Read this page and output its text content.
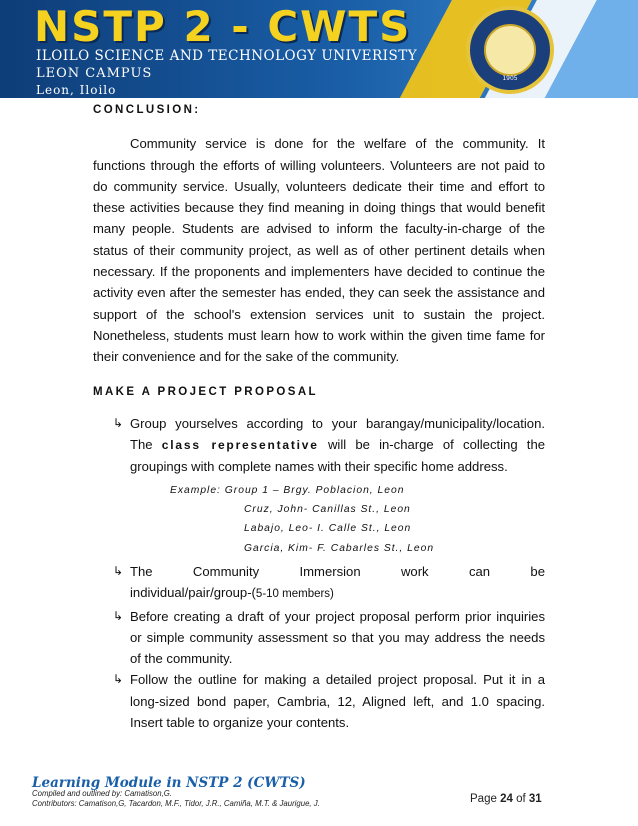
NSTP 2 - CWTS
ILOILO SCIENCE AND TECHNOLOGY UNIVERISTY
LEON CAMPUS
Leon, Iloilo
1905

CONCLUSION:

Community service is done for the welfare of the community. It functions through the efforts of willing volunteers. Volunteers are not paid to do community service. Usually, volunteers dedicate their time and effort to these activities because they find meaning in doing things that would benefit many people. Students are advised to inform the faculty-in-charge of the status of their community project, as well as of other pertinent details when necessary. If the proponents and implementers have decided to continue the activity even after the semester has ended, they can seek the assistance and support of the school's extension services unit to sustain the project. Nonetheless, students must learn how to work within the given time fame for their convenience and for the sake of the community.

MAKE A PROJECT PROPOSAL

↳ Group yourselves according to your barangay/municipality/location. The class representative will be in-charge of collecting the groupings with complete names with their specific home address.
Example: Group 1 – Brgy. Poblacion, Leon
Cruz, John- Canillas St., Leon
Labajo, Leo- I. Calle St., Leon
Garcia, Kim- F. Cabarles St., Leon
↳ The Community Immersion work can be individual/pair/group-(5-10 members)
↳ Before creating a draft of your project proposal perform prior inquiries or simple community assessment so that you may address the needs of the community.
↳ Follow the outline for making a detailed project proposal. Put it in a long-sized bond paper, Cambria, 12, Aligned left, and 1.0 spacing. Insert table to organize your contents.
Learning Module in NSTP 2 (CWTS)
Compiled and outlined by: Camatison,G.
Contributors: Camatison,G, Tacardon, M.F., Tidor, J.R., Camiña, M.T. & Jaurigue, J.	Page 24 of 31
